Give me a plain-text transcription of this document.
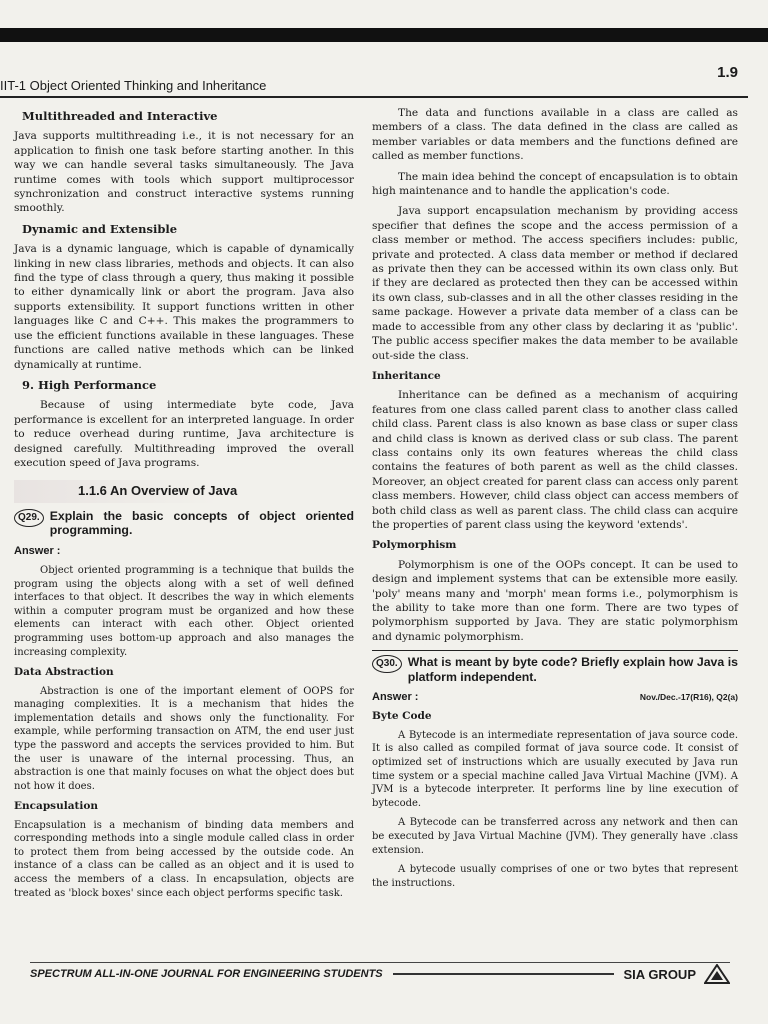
IIT-1 Object Oriented Thinking and Inheritance
1.9
Multithreaded and Interactive

Java supports multithreading i.e., it is not necessary for an application to finish one task before starting another. In this way we can handle several tasks simultaneously. The Java runtime comes with tools which support multiprocessor synchronization and construct interactive systems running smoothly.

Dynamic and Extensible

Java is a dynamic language, which is capable of dynamically linking in new class libraries, methods and objects. It can also find the type of class through a query, thus making it possible to either dynamically link or abort the program. Java also supports extensibility. It support functions written in other languages like C and C++. This makes the programmers to use the efficient functions available in these languages. These functions are called native methods which can be linked dynamically at runtime.

9. High Performance

Because of using intermediate byte code, Java performance is excellent for an interpreted language. In order to reduce overhead during runtime, Java architecture is designed carefully. Multithreading improved the overall execution speed of Java programs.

1.1.6 An Overview of Java
Q29. Explain the basic concepts of object oriented programming.
Answer :

Object oriented programming is a technique that builds the program using the objects along with a set of well defined interfaces to that object. It describes the way in which elements within a computer program must be organized and how these elements can interact with each other. Object oriented programming uses bottom-up approach and also manages the increasing complexity.

Data Abstraction

Abstraction is one of the important element of OOPS for managing complexities. It is a mechanism that hides the implementation details and shows only the functionality. For example, while performing transaction on ATM, the end user just type the password and accepts the services provided to him. But the user is unaware of the internal processing. Thus, an abstraction is one that mainly focuses on what the object does but not how it does.

Encapsulation

Encapsulation is a mechanism of binding data members and corresponding methods into a single module called class in order to protect them from being accessed by the outside code. An instance of a class can be called as an object and it is used to access the members of a class. In encapsulation, objects are treated as 'block boxes' since each object performs specific task.

The data and functions available in a class are called as members of a class. The data defined in the class are called as member variables or data members and the functions defined are called as member functions.

The main idea behind the concept of encapsulation is to obtain high maintenance and to handle the application's code.

Java support encapsulation mechanism by providing access specifier that defines the scope and the access permission of a class member or method. The access specifiers includes: public, private and protected. A class data member or method if declared as private then they can be accessed within its own class only. But if they are declared as protected then they can be accessed within its own class, sub-classes and in all the other classes residing in the same package. However a private data member of a class can be made to accessible from any other class by declaring it as 'public'. The public access specifier makes the data member to be available out-side the class.

Inheritance

Inheritance can be defined as a mechanism of acquiring features from one class called parent class to another class called child class. Parent class is also known as base class or super class and child class is known as derived class or sub class. The parent class contains only its own features whereas the child class contains the features of both parent as well as the child classes. Moreover, an object created for parent class can access only parent class members. However, child class object can access members of both child class as well as parent class. The child class can acquire the properties of parent class using the keyword 'extends'.

Polymorphism

Polymorphism is one of the OOPs concept. It can be used to design and implement systems that can be extensible more easily. 'poly' means many and 'morph' mean forms i.e., polymorphism is the ability to take more than one form. There are two types of polymorphism supported by Java. They are static polymorphism and dynamic polymorphism.

Q30. What is meant by byte code? Briefly explain how Java is platform independent.
Answer :	Nov./Dec.-17(R16), Q2(a)
Byte Code

A Bytecode is an intermediate representation of java source code. It is also called as compiled format of java source code. It consist of optimized set of instructions which are usually executed by Java run time system or a special machine called Java Virtual Machine (JVM). A JVM is a bytecode interpreter. It performs line by line execution of bytecode.

A Bytecode can be transferred across any network and then can be executed by Java Virtual Machine (JVM). They generally have .class extension.

A bytecode usually comprises of one or two bytes that represent the instructions.

SPECTRUM ALL-IN-ONE JOURNAL FOR ENGINEERING STUDENTS	SIA GROUP
